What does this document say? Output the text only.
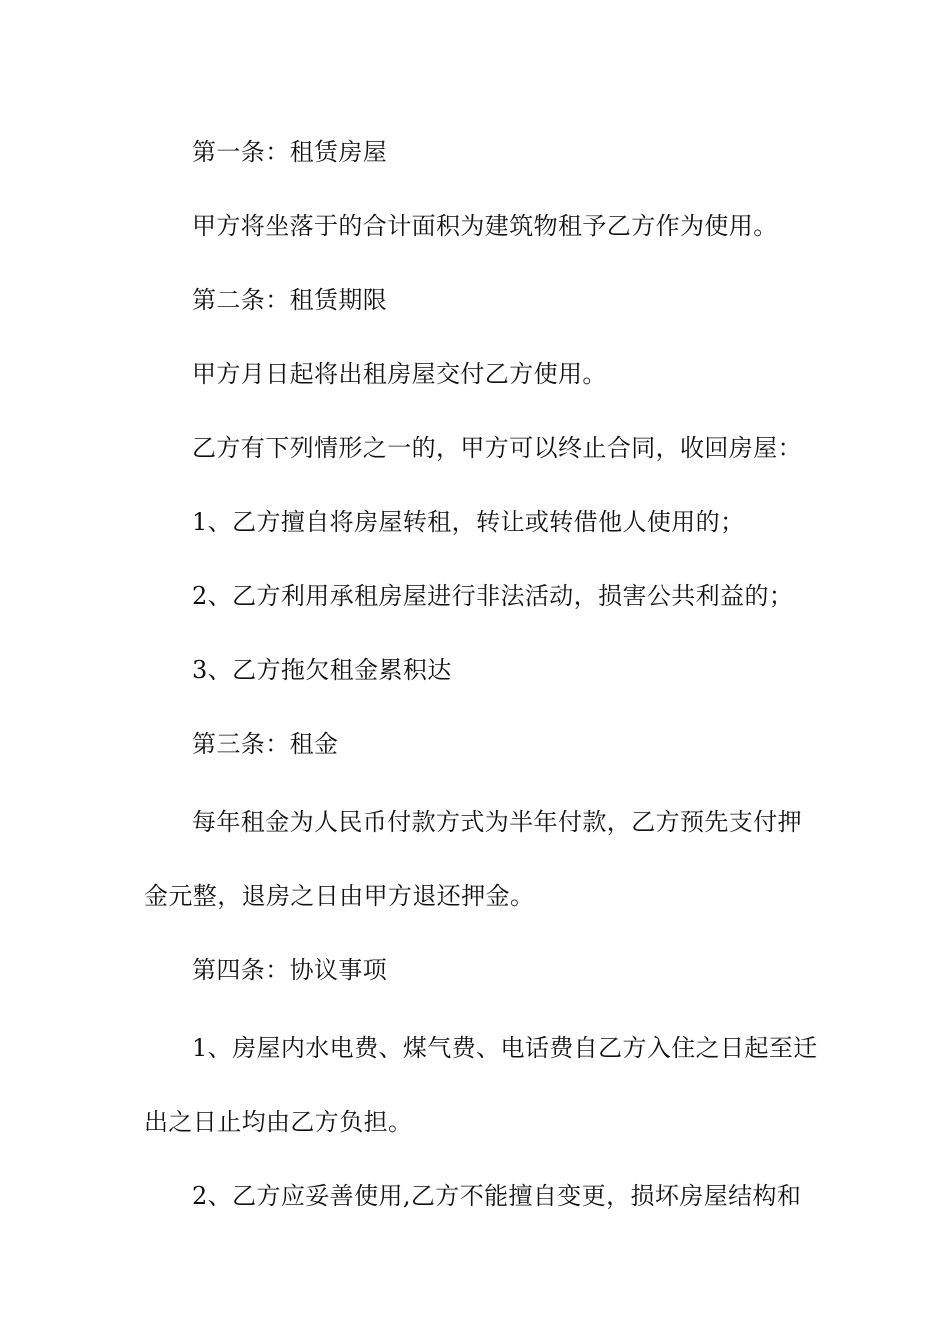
第一条：租赁房屋
甲方将坐落于的合计面积为建筑物租予乙方作为使用。
第二条：租赁期限
甲方月日起将出租房屋交付乙方使用。
乙方有下列情形之一的，甲方可以终止合同，收回房屋：
1、乙方擅自将房屋转租，转让或转借他人使用的；
2、乙方利用承租房屋进行非法活动，损害公共利益的；
3、乙方拖欠租金累积达
第三条：租金
每年租金为人民币付款方式为半年付款，乙方预先支付押
金元整，退房之日由甲方退还押金。
第四条：协议事项
1、房屋内水电费、煤气费、电话费自乙方入住之日起至迁
出之日止均由乙方负担。
2、乙方应妥善使用,乙方不能擅自变更，损坏房屋结构和
